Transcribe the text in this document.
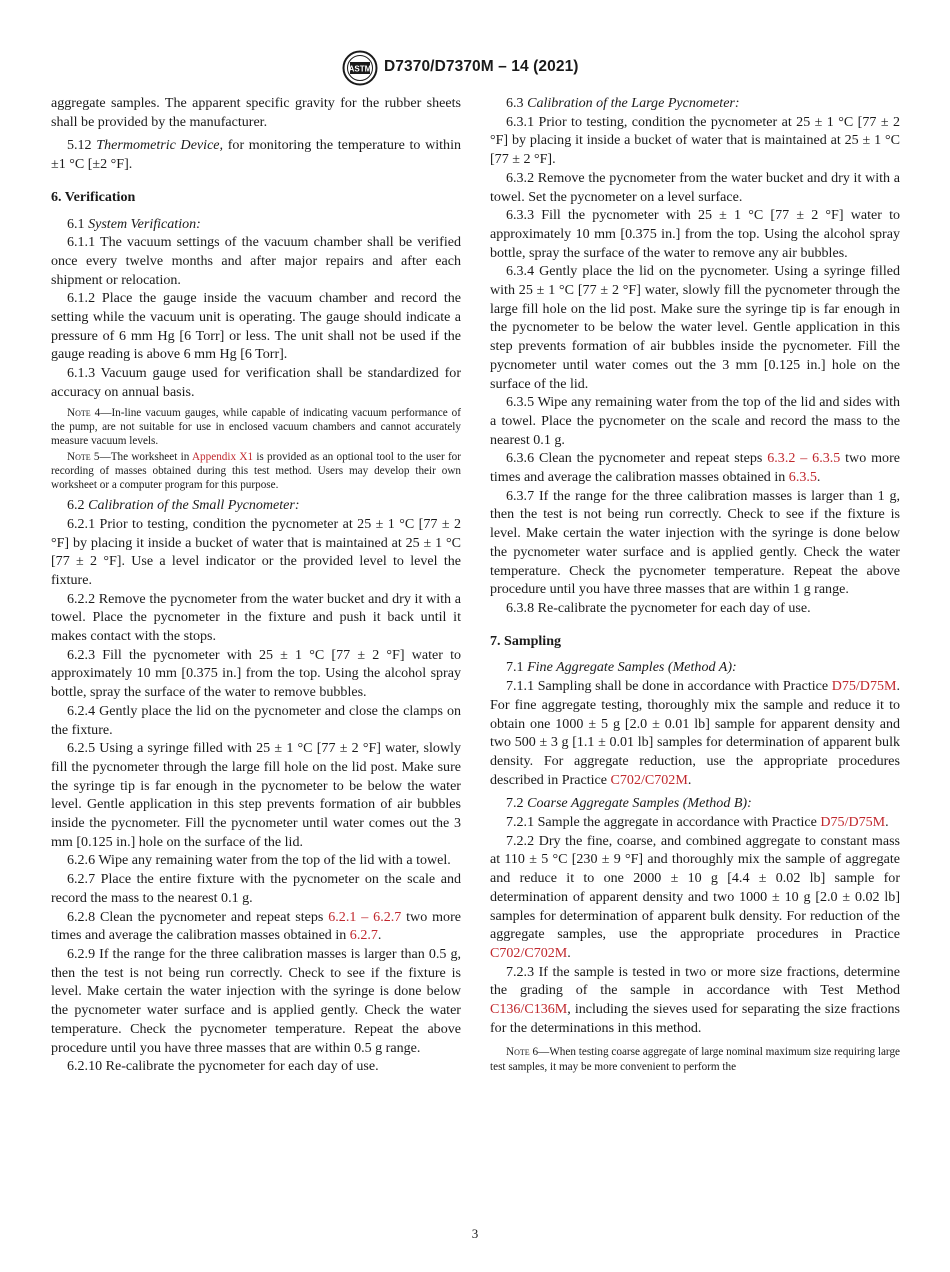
ASTM D7370/D7370M – 14 (2021)

aggregate samples. The apparent specific gravity for the rubber sheets shall be provided by the manufacturer.

5.12 Thermometric Device, for monitoring the temperature to within ±1 °C [±2 °F].

6. Verification

6.1 System Verification:

6.1.1 The vacuum settings of the vacuum chamber shall be verified once every twelve months and after major repairs and after each shipment or relocation.

6.1.2 Place the gauge inside the vacuum chamber and record the setting while the vacuum unit is operating. The gauge should indicate a pressure of 6 mm Hg [6 Torr] or less. The unit shall not be used if the gauge reading is above 6 mm Hg [6 Torr].

6.1.3 Vacuum gauge used for verification shall be standardized for accuracy on annual basis.

Note 4—In-line vacuum gauges, while capable of indicating vacuum performance of the pump, are not suitable for use in enclosed vacuum chambers and cannot accurately measure vacuum levels.

Note 5—The worksheet in Appendix X1 is provided as an optional tool to the user for recording of masses obtained during this test method. Users may develop their own worksheet or a computer program for this purpose.

6.2 Calibration of the Small Pycnometer:

6.2.1 Prior to testing, condition the pycnometer at 25 ± 1 °C [77 ± 2 °F] by placing it inside a bucket of water that is maintained at 25 ± 1 °C [77 ± 2 °F]. Use a level indicator or the provided level to level the fixture.

6.2.2 Remove the pycnometer from the water bucket and dry it with a towel. Place the pycnometer in the fixture and push it back until it makes contact with the stops.

6.2.3 Fill the pycnometer with 25 ± 1 °C [77 ± 2 °F] water to approximately 10 mm [0.375 in.] from the top. Using the alcohol spray bottle, spray the surface of the water to remove bubbles.

6.2.4 Gently place the lid on the pycnometer and close the clamps on the fixture.

6.2.5 Using a syringe filled with 25 ± 1 °C [77 ± 2 °F] water, slowly fill the pycnometer through the large fill hole on the lid post. Make sure the syringe tip is far enough in the pycnometer to be below the water level. Gentle application in this step prevents formation of air bubbles inside the pycnometer. Fill the pycnometer until water comes out the 3 mm [0.125 in.] hole on the surface of the lid.

6.2.6 Wipe any remaining water from the top of the lid with a towel.

6.2.7 Place the entire fixture with the pycnometer on the scale and record the mass to the nearest 0.1 g.

6.2.8 Clean the pycnometer and repeat steps 6.2.1 – 6.2.7 two more times and average the calibration masses obtained in 6.2.7.

6.2.9 If the range for the three calibration masses is larger than 0.5 g, then the test is not being run correctly. Check to see if the fixture is level. Make certain the water injection with the syringe is done below the pycnometer water surface and is applied gently. Check the water temperature. Check the pycnometer temperature. Repeat the above procedure until you have three masses that are within 0.5 g range.

6.2.10 Re-calibrate the pycnometer for each day of use.

6.3 Calibration of the Large Pycnometer:

6.3.1 Prior to testing, condition the pycnometer at 25 ± 1 °C [77 ± 2 °F] by placing it inside a bucket of water that is maintained at 25 ± 1 °C [77 ± 2 °F].

6.3.2 Remove the pycnometer from the water bucket and dry it with a towel. Set the pycnometer on a level surface.

6.3.3 Fill the pycnometer with 25 ± 1 °C [77 ± 2 °F] water to approximately 10 mm [0.375 in.] from the top. Using the alcohol spray bottle, spray the surface of the water to remove any air bubbles.

6.3.4 Gently place the lid on the pycnometer. Using a syringe filled with 25 ± 1 °C [77 ± 2 °F] water, slowly fill the pycnometer through the large fill hole on the lid post. Make sure the syringe tip is far enough in the pycnometer to be below the water level. Gentle application in this step prevents formation of air bubbles inside the pycnometer. Fill the pycnometer until water comes out the 3 mm [0.125 in.] hole on the surface of the lid.

6.3.5 Wipe any remaining water from the top of the lid and sides with a towel. Place the pycnometer on the scale and record the mass to the nearest 0.1 g.

6.3.6 Clean the pycnometer and repeat steps 6.3.2 – 6.3.5 two more times and average the calibration masses obtained in 6.3.5.

6.3.7 If the range for the three calibration masses is larger than 1 g, then the test is not being run correctly. Check to see if the fixture is level. Make certain the water injection with the syringe is done below the pycnometer water surface and is applied gently. Check the water temperature. Check the pycnometer temperature. Repeat the above procedure until you have three masses that are within 1 g range.

6.3.8 Re-calibrate the pycnometer for each day of use.

7. Sampling

7.1 Fine Aggregate Samples (Method A):

7.1.1 Sampling shall be done in accordance with Practice D75/D75M. For fine aggregate testing, thoroughly mix the sample and reduce it to obtain one 1000 ± 5 g [2.0 ± 0.01 lb] sample for apparent density and two 500 ± 3 g [1.1 ± 0.01 lb] samples for determination of apparent bulk density. For aggregate reduction, use the appropriate procedures described in Practice C702/C702M.

7.2 Coarse Aggregate Samples (Method B):

7.2.1 Sample the aggregate in accordance with Practice D75/D75M.

7.2.2 Dry the fine, coarse, and combined aggregate to constant mass at 110 ± 5 °C [230 ± 9 °F] and thoroughly mix the sample of aggregate and reduce it to one 2000 ± 10 g [4.4 ± 0.02 lb] sample for determination of apparent density and two 1000 ± 10 g [2.0 ± 0.02 lb] samples for determination of apparent bulk density. For reduction of the aggregate samples, use the appropriate procedures in Practice C702/C702M.

7.2.3 If the sample is tested in two or more size fractions, determine the grading of the sample in accordance with Test Method C136/C136M, including the sieves used for separating the size fractions for the determinations in this method.

Note 6—When testing coarse aggregate of large nominal maximum size requiring large test samples, it may be more convenient to perform the

3
